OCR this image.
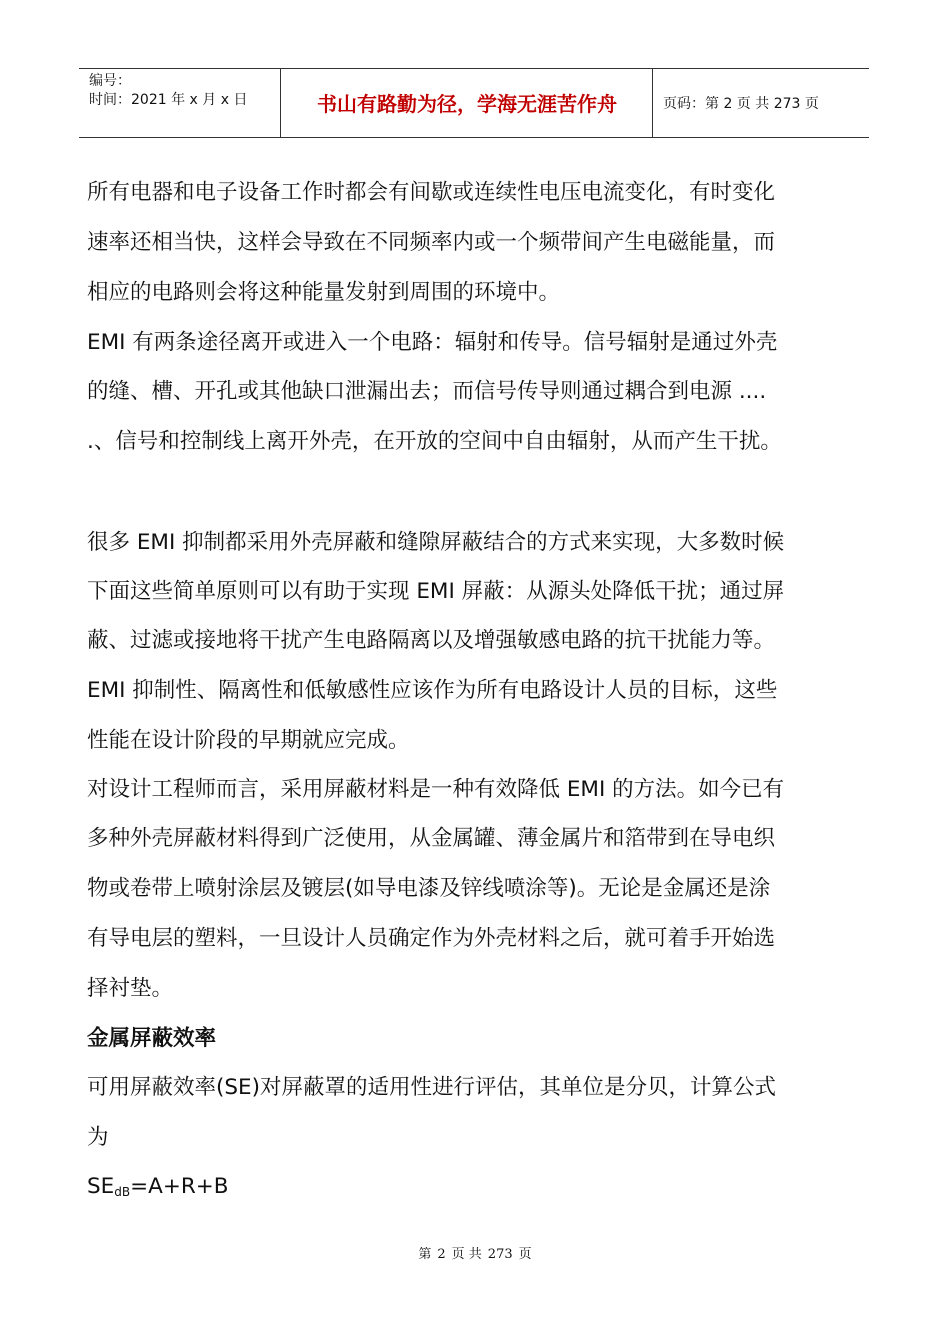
编号：
时间：2021 年 x 月 x 日	书山有路勤为径，学海无涯苦作舟	页码：第 2 页 共 273 页
所有电器和电子设备工作时都会有间歇或连续性电压电流变化，有时变化
速率还相当快，这样会导致在不同频率内或一个频带间产生电磁能量，而
相应的电路则会将这种能量发射到周围的环境中。
EMI 有两条途径离开或进入一个电路：辐射和传导。信号辐射是通过外壳
的缝、槽、开孔或其他缺口泄漏出去；而信号传导则通过耦合到电源 ....
.、信号和控制线上离开外壳，在开放的空间中自由辐射，从而产生干扰。
很多 EMI 抑制都采用外壳屏蔽和缝隙屏蔽结合的方式来实现，大多数时候
下面这些简单原则可以有助于实现 EMI 屏蔽：从源头处降低干扰；通过屏
蔽、过滤或接地将干扰产生电路隔离以及增强敏感电路的抗干扰能力等。
EMI 抑制性、隔离性和低敏感性应该作为所有电路设计人员的目标，这些
性能在设计阶段的早期就应完成。
对设计工程师而言，采用屏蔽材料是一种有效降低 EMI 的方法。如今已有
多种外壳屏蔽材料得到广泛使用，从金属罐、薄金属片和箔带到在导电织
物或卷带上喷射涂层及镀层(如导电漆及锌线喷涂等)。无论是金属还是涂
有导电层的塑料，一旦设计人员确定作为外壳材料之后，就可着手开始选
择衬垫。
金属屏蔽效率
可用屏蔽效率(SE)对屏蔽罩的适用性进行评估，其单位是分贝，计算公式
为
$SE_{dB}=A+R+B$
第 2 页 共 273 页
